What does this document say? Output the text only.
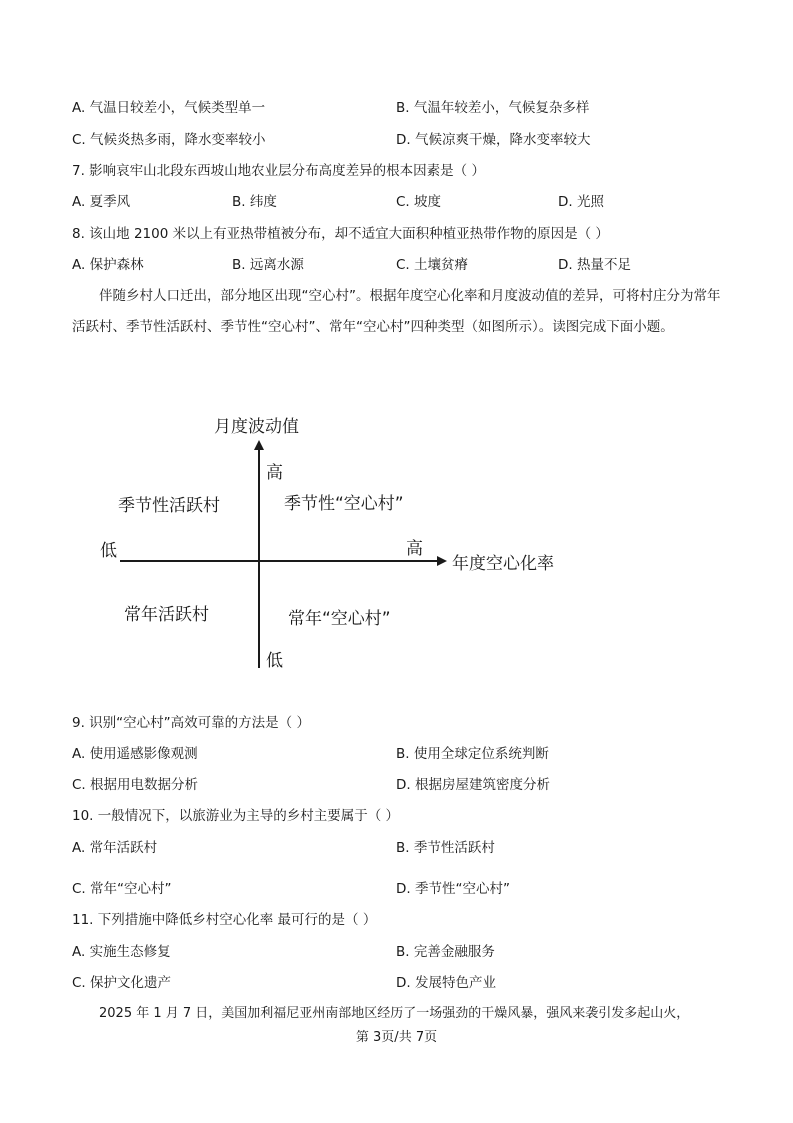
A. 气温日较差小，气候类型单一	B. 气温年较差小，气候复杂多样
C. 气候炎热多雨，降水变率较小	D. 气候凉爽干燥，降水变率较大
7. 影响哀牢山北段东西坡山地农业层分布高度差异的根本因素是（ ）
A. 夏季风	B. 纬度	C. 坡度	D. 光照
8. 该山地 2100 米以上有亚热带植被分布，却不适宜大面积种植亚热带作物的原因是（ ）
A. 保护森林	B. 远离水源	C. 土壤贫瘠	D. 热量不足
伴随乡村人口迁出，部分地区出现“空心村”。根据年度空心化率和月度波动值的差异，可将村庄分为常年活跃村、季节性活跃村、季节性“空心村”、常年“空心村”四种类型（如图所示）。读图完成下面小题。
月度波动值
高
低
低	高
年度空心化率
季节性活跃村	季节性“空心村”
常年活跃村	常年“空心村”
9. 识别“空心村”高效可靠的方法是（ ）
A. 使用遥感影像观测	B. 使用全球定位系统判断
C. 根据用电数据分析	D. 根据房屋建筑密度分析
10. 一般情况下，以旅游业为主导的乡村主要属于（ ）
A. 常年活跃村	B. 季节性活跃村
C. 常年“空心村”	D. 季节性“空心村”
11. 下列措施中降低乡村空心化率 最可行的是（ ）
A. 实施生态修复	B. 完善金融服务
C. 保护文化遗产	D. 发展特色产业
2025 年 1 月 7 日，美国加利福尼亚州南部地区经历了一场强劲的干燥风暴，强风来袭引发多起山火，
第 3页/共 7页
